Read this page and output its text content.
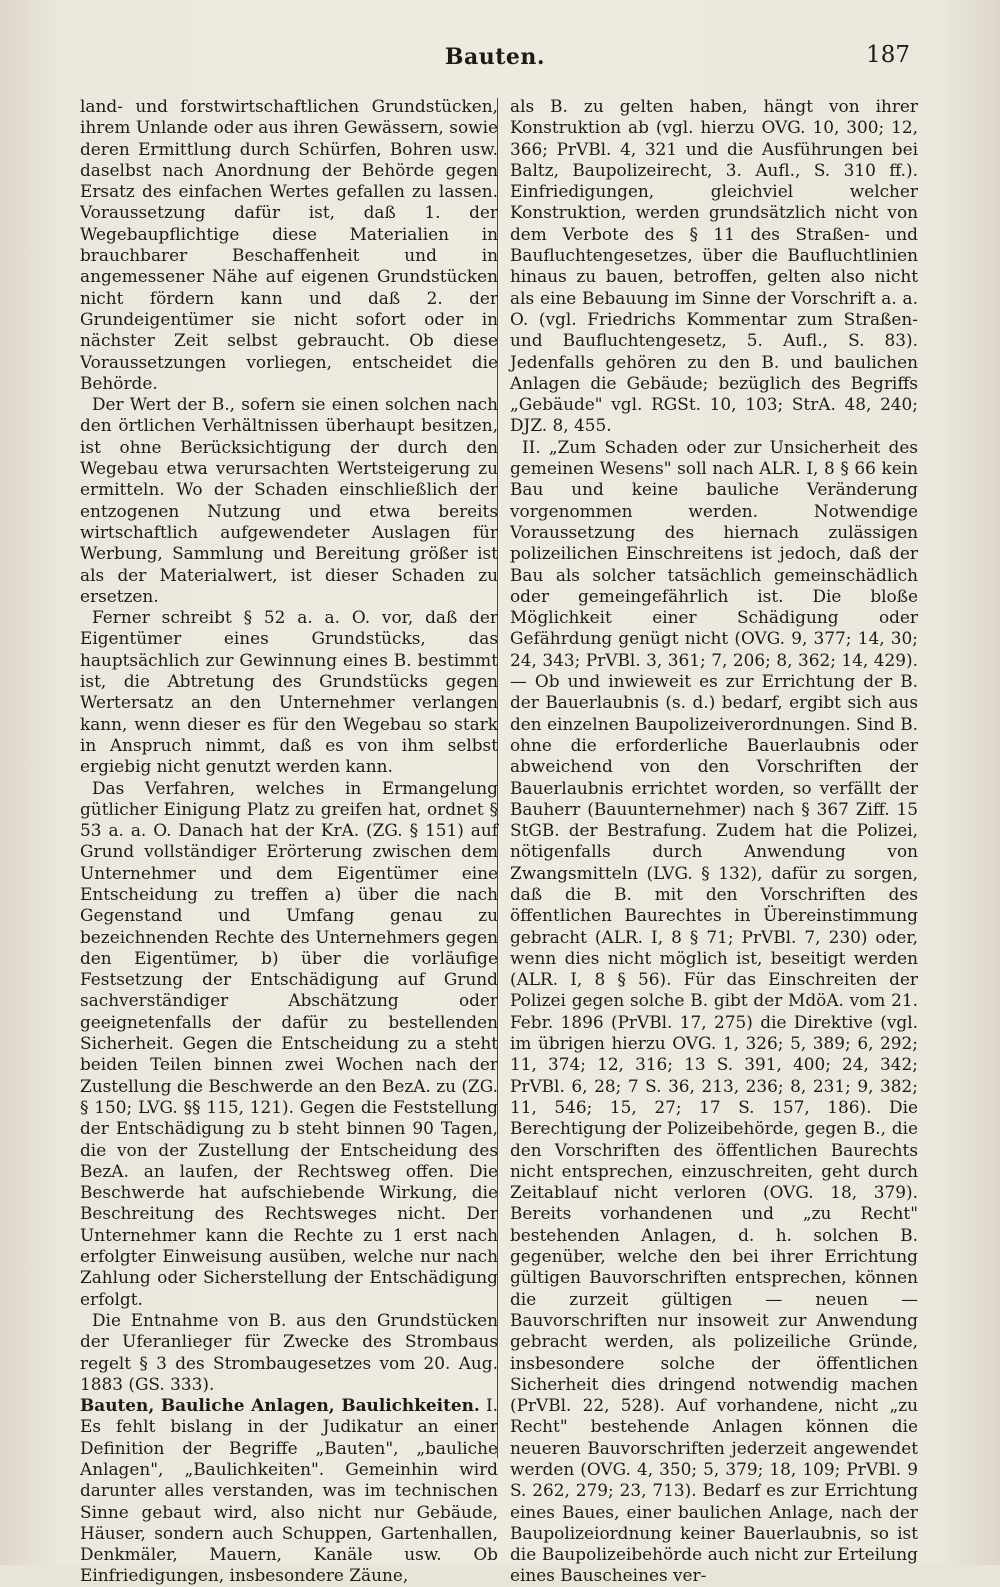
Bauten.	187

land- und forstwirtschaftlichen Grundstücken, ihrem Unlande oder aus ihren Gewässern, sowie deren Ermittlung durch Schürfen, Bohren usw. daselbst nach Anordnung der Behörde gegen Ersatz des einfachen Wertes gefallen zu lassen. Voraussetzung dafür ist, daß 1. der Wegebaupflichtige diese Materialien in brauchbarer Beschaffenheit und in angemessener Nähe auf eigenen Grundstücken nicht fördern kann und daß 2. der Grundeigentümer sie nicht sofort oder in nächster Zeit selbst gebraucht. Ob diese Voraussetzungen vorliegen, entscheidet die Behörde.

Der Wert der B., sofern sie einen solchen nach den örtlichen Verhältnissen überhaupt besitzen, ist ohne Berücksichtigung der durch den Wegebau etwa verursachten Wertsteigerung zu ermitteln. Wo der Schaden einschließlich der entzogenen Nutzung und etwa bereits wirtschaftlich aufgewendeter Auslagen für Werbung, Sammlung und Bereitung größer ist als der Materialwert, ist dieser Schaden zu ersetzen.

Ferner schreibt § 52 a. a. O. vor, daß der Eigentümer eines Grundstücks, das hauptsächlich zur Gewinnung eines B. bestimmt ist, die Abtretung des Grundstücks gegen Wertersatz an den Unternehmer verlangen kann, wenn dieser es für den Wegebau so stark in Anspruch nimmt, daß es von ihm selbst ergiebig nicht genutzt werden kann.

Das Verfahren, welches in Ermangelung gütlicher Einigung Platz zu greifen hat, ordnet § 53 a. a. O. Danach hat der KrA. (ZG. § 151) auf Grund vollständiger Erörterung zwischen dem Unternehmer und dem Eigentümer eine Entscheidung zu treffen a) über die nach Gegenstand und Umfang genau zu bezeichnenden Rechte des Unternehmers gegen den Eigentümer, b) über die vorläufige Festsetzung der Entschädigung auf Grund sachverständiger Abschätzung oder geeignetenfalls der dafür zu bestellenden Sicherheit. Gegen die Entscheidung zu a steht beiden Teilen binnen zwei Wochen nach der Zustellung die Beschwerde an den BezA. zu (ZG. § 150; LVG. §§ 115, 121). Gegen die Feststellung der Entschädigung zu b steht binnen 90 Tagen, die von der Zustellung der Entscheidung des BezA. an laufen, der Rechtsweg offen. Die Beschwerde hat aufschiebende Wirkung, die Beschreitung des Rechtsweges nicht. Der Unternehmer kann die Rechte zu 1 erst nach erfolgter Einweisung ausüben, welche nur nach Zahlung oder Sicherstellung der Entschädigung erfolgt.

Die Entnahme von B. aus den Grundstücken der Uferanlieger für Zwecke des Strombaus regelt § 3 des Strombaugesetzes vom 20. Aug. 1883 (GS. 333).

Bauten, Bauliche Anlagen, Baulichkeiten. I. Es fehlt bislang in der Judikatur an einer Definition der Begriffe „Bauten", „bauliche Anlagen", „Baulichkeiten". Gemeinhin wird darunter alles verstanden, was im technischen Sinne gebaut wird, also nicht nur Gebäude, Häuser, sondern auch Schuppen, Gartenhallen, Denkmäler, Mauern, Kanäle usw. Ob Einfriedigungen, insbesondere Zäune,

als B. zu gelten haben, hängt von ihrer Konstruktion ab (vgl. hierzu OVG. 10, 300; 12, 366; PrVBl. 4, 321 und die Ausführungen bei Baltz, Baupolizeirecht, 3. Aufl., S. 310 ff.). Einfriedigungen, gleichviel welcher Konstruktion, werden grundsätzlich nicht von dem Verbote des § 11 des Straßen- und Baufluchtengesetzes, über die Baufluchtlinien hinaus zu bauen, betroffen, gelten also nicht als eine Bebauung im Sinne der Vorschrift a. a. O. (vgl. Friedrichs Kommentar zum Straßen- und Baufluchtengesetz, 5. Aufl., S. 83). Jedenfalls gehören zu den B. und baulichen Anlagen die Gebäude; bezüglich des Begriffs „Gebäude" vgl. RGSt. 10, 103; StrA. 48, 240; DJZ. 8, 455.

II. „Zum Schaden oder zur Unsicherheit des gemeinen Wesens" soll nach ALR. I, 8 § 66 kein Bau und keine bauliche Veränderung vorgenommen werden. Notwendige Voraussetzung des hiernach zulässigen polizeilichen Einschreitens ist jedoch, daß der Bau als solcher tatsächlich gemeinschädlich oder gemeingefährlich ist. Die bloße Möglichkeit einer Schädigung oder Gefährdung genügt nicht (OVG. 9, 377; 14, 30; 24, 343; PrVBl. 3, 361; 7, 206; 8, 362; 14, 429). — Ob und inwieweit es zur Errichtung der B. der Bauerlaubnis (s. d.) bedarf, ergibt sich aus den einzelnen Baupolizeiverordnungen. Sind B. ohne die erforderliche Bauerlaubnis oder abweichend von den Vorschriften der Bauerlaubnis errichtet worden, so verfällt der Bauherr (Bauunternehmer) nach § 367 Ziff. 15 StGB. der Bestrafung. Zudem hat die Polizei, nötigenfalls durch Anwendung von Zwangsmitteln (LVG. § 132), dafür zu sorgen, daß die B. mit den Vorschriften des öffentlichen Baurechtes in Übereinstimmung gebracht (ALR. I, 8 § 71; PrVBl. 7, 230) oder, wenn dies nicht möglich ist, beseitigt werden (ALR. I, 8 § 56). Für das Einschreiten der Polizei gegen solche B. gibt der MdöA. vom 21. Febr. 1896 (PrVBl. 17, 275) die Direktive (vgl. im übrigen hierzu OVG. 1, 326; 5, 389; 6, 292; 11, 374; 12, 316; 13 S. 391, 400; 24, 342; PrVBl. 6, 28; 7 S. 36, 213, 236; 8, 231; 9, 382; 11, 546; 15, 27; 17 S. 157, 186). Die Berechtigung der Polizeibehörde, gegen B., die den Vorschriften des öffentlichen Baurechts nicht entsprechen, einzuschreiten, geht durch Zeitablauf nicht verloren (OVG. 18, 379). Bereits vorhandenen und „zu Recht" bestehenden Anlagen, d. h. solchen B. gegenüber, welche den bei ihrer Errichtung gültigen Bauvorschriften entsprechen, können die zurzeit gültigen — neuen — Bauvorschriften nur insoweit zur Anwendung gebracht werden, als polizeiliche Gründe, insbesondere solche der öffentlichen Sicherheit dies dringend notwendig machen (PrVBl. 22, 528). Auf vorhandene, nicht „zu Recht" bestehende Anlagen können die neueren Bauvorschriften jederzeit angewendet werden (OVG. 4, 350; 5, 379; 18, 109; PrVBl. 9 S. 262, 279; 23, 713). Bedarf es zur Errichtung eines Baues, einer baulichen Anlage, nach der Baupolizeiordnung keiner Bauerlaubnis, so ist die Baupolizeibehörde auch nicht zur Erteilung eines Bauscheines ver-
